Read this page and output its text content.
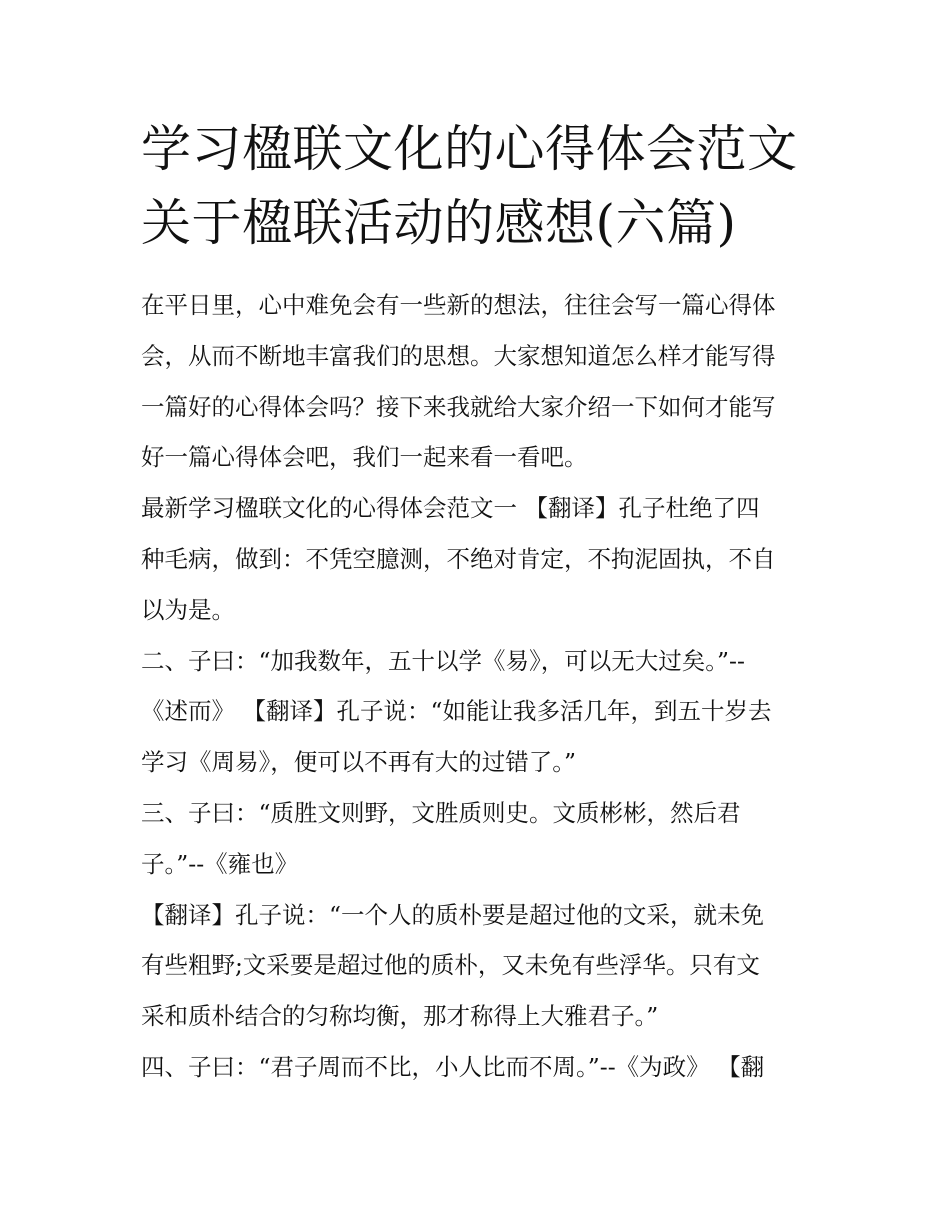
学习楹联文化的心得体会范文
关于楹联活动的感想(六篇)
在平日里，心中难免会有一些新的想法，往往会写一篇心得体
会，从而不断地丰富我们的思想。大家想知道怎么样才能写得
一篇好的心得体会吗？接下来我就给大家介绍一下如何才能写
好一篇心得体会吧，我们一起来看一看吧。
最新学习楹联文化的心得体会范文一 【翻译】孔子杜绝了四
种毛病，做到：不凭空臆测，不绝对肯定，不拘泥固执，不自
以为是。
二、子曰：“加我数年，五十以学《易》，可以无大过矣。”--
《述而》 【翻译】孔子说：“如能让我多活几年，到五十岁去
学习《周易》，便可以不再有大的过错了。”
三、子曰：“质胜文则野，文胜质则史。文质彬彬，然后君
子。”--《雍也》
【翻译】孔子说：“一个人的质朴要是超过他的文采，就未免
有些粗野;文采要是超过他的质朴，又未免有些浮华。只有文
采和质朴结合的匀称均衡，那才称得上大雅君子。”
四、子曰：“君子周而不比，小人比而不周。”--《为政》 【翻
